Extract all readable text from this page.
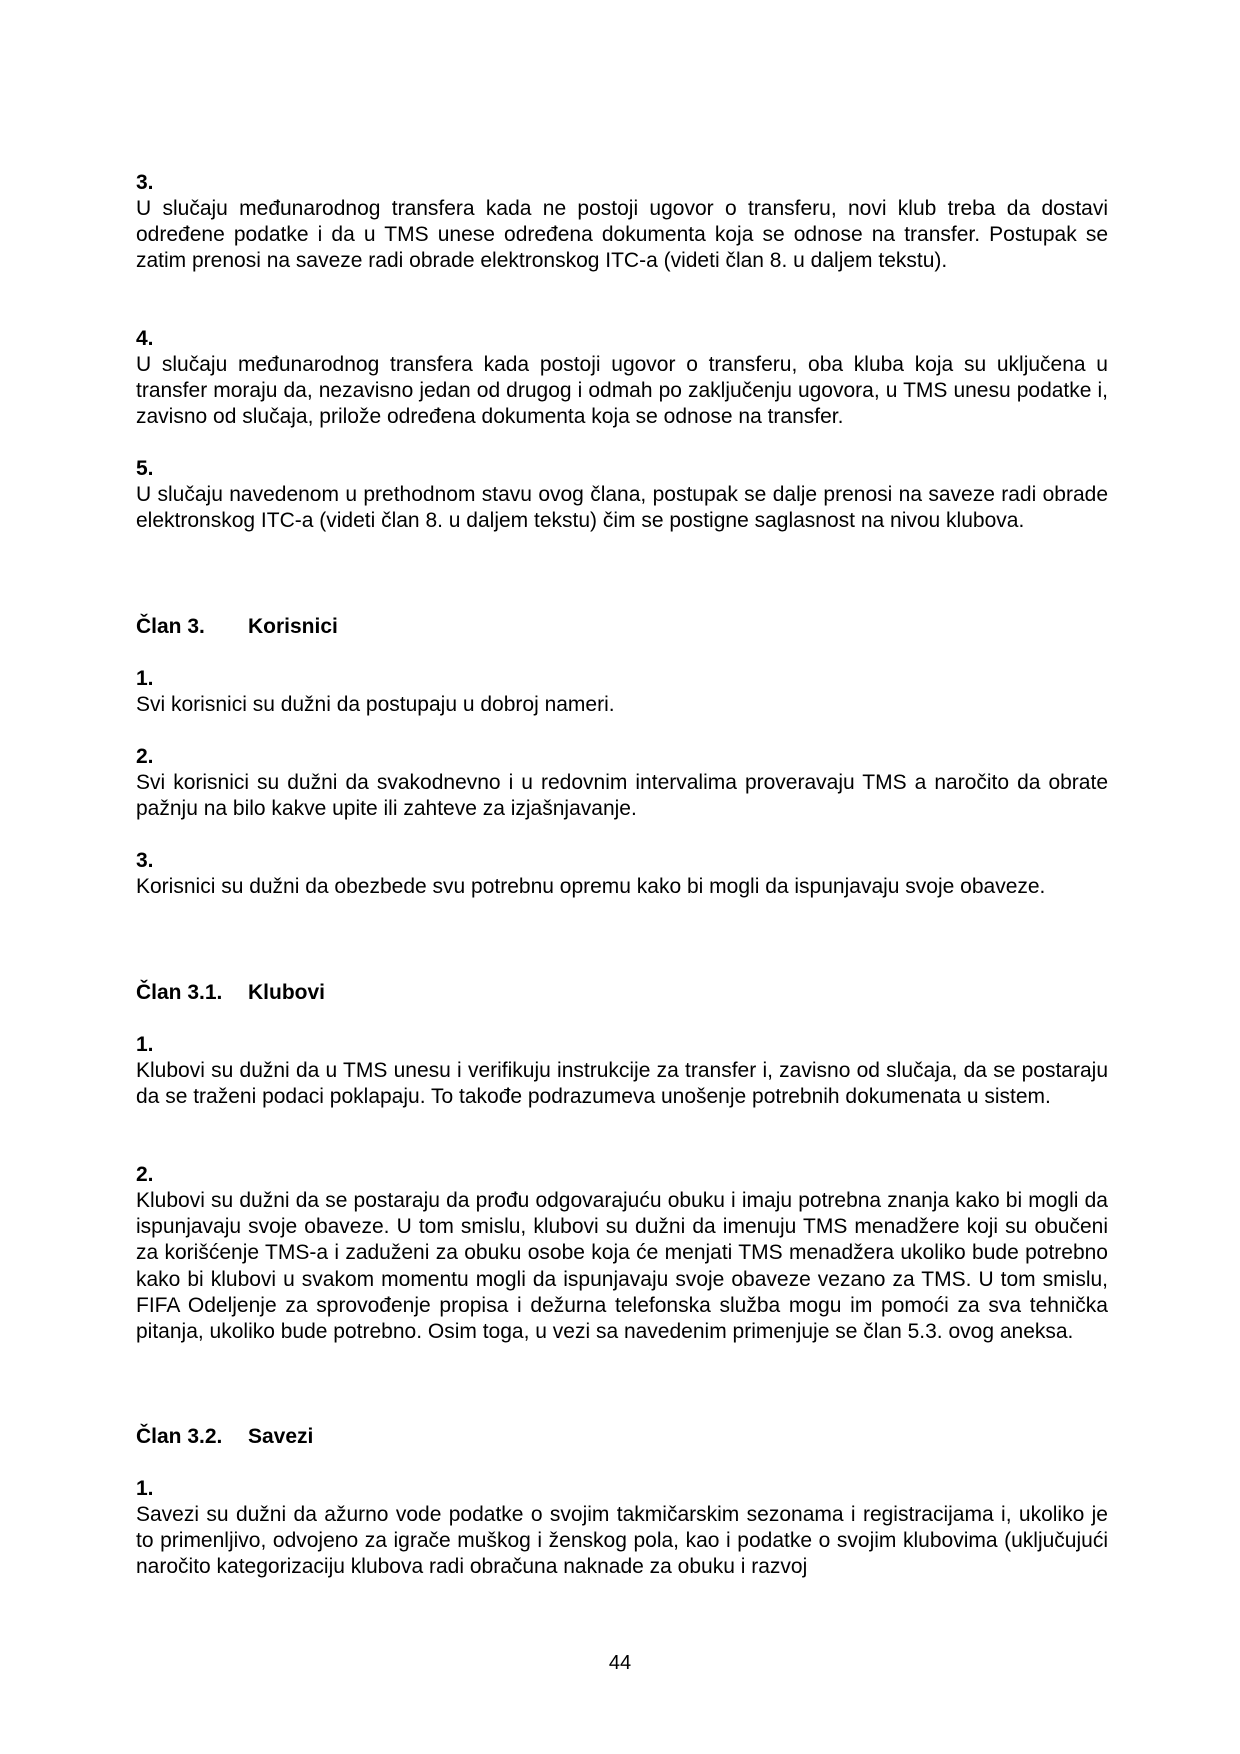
3.

U slučaju međunarodnog transfera kada ne postoji ugovor o transferu, novi klub treba da dostavi određene podatke i da u TMS unese određena dokumenta koja se odnose na transfer. Postupak se zatim prenosi na saveze radi obrade elektronskog ITC-a (videti član 8. u daljem tekstu).

4.

U slučaju međunarodnog transfera kada postoji ugovor o transferu, oba kluba koja su uključena u transfer moraju da, nezavisno jedan od drugog i odmah po zaključenju ugovora, u TMS unesu podatke i, zavisno od slučaja, prilože određena dokumenta koja se odnose na transfer.

5.

U slučaju navedenom u prethodnom stavu ovog člana, postupak se dalje prenosi na saveze radi obrade elektronskog ITC-a (videti član 8. u daljem tekstu) čim se postigne saglasnost na nivou klubova.

Član 3. Korisnici

1.

Svi korisnici su dužni da postupaju u dobroj nameri.

2.

Svi korisnici su dužni da svakodnevno i u redovnim intervalima proveravaju TMS a naročito da obrate pažnju na bilo kakve upite ili zahteve za izjašnjavanje.

3.

Korisnici su dužni da obezbede svu potrebnu opremu kako bi mogli da ispunjavaju svoje obaveze.

Član 3.1. Klubovi

1.

Klubovi su dužni da u TMS unesu i verifikuju instrukcije za transfer i, zavisno od slučaja, da se postaraju da se traženi podaci poklapaju. To takođe podrazumeva unošenje potrebnih dokumenata u sistem.

2.

Klubovi su dužni da se postaraju da prođu odgovarajuću obuku i imaju potrebna znanja kako bi mogli da ispunjavaju svoje obaveze. U tom smislu, klubovi su dužni da imenuju TMS menadžere koji su obučeni za korišćenje TMS-a i zaduženi za obuku osobe koja će menjati TMS menadžera ukoliko bude potrebno kako bi klubovi u svakom momentu mogli da ispunjavaju svoje obaveze vezano za TMS. U tom smislu, FIFA Odeljenje za sprovođenje propisa i dežurna telefonska služba mogu im pomoći za sva tehnička pitanja, ukoliko bude potrebno. Osim toga, u vezi sa navedenim primenjuje se član 5.3. ovog aneksa.

Član 3.2. Savezi

1.

Savezi su dužni da ažurno vode podatke o svojim takmičarskim sezonama i registracijama i, ukoliko je to primenljivo, odvojeno za igrače muškog i ženskog pola, kao i podatke o svojim klubovima (uključujući naročito kategorizaciju klubova radi obračuna naknade za obuku i razvoj

44
